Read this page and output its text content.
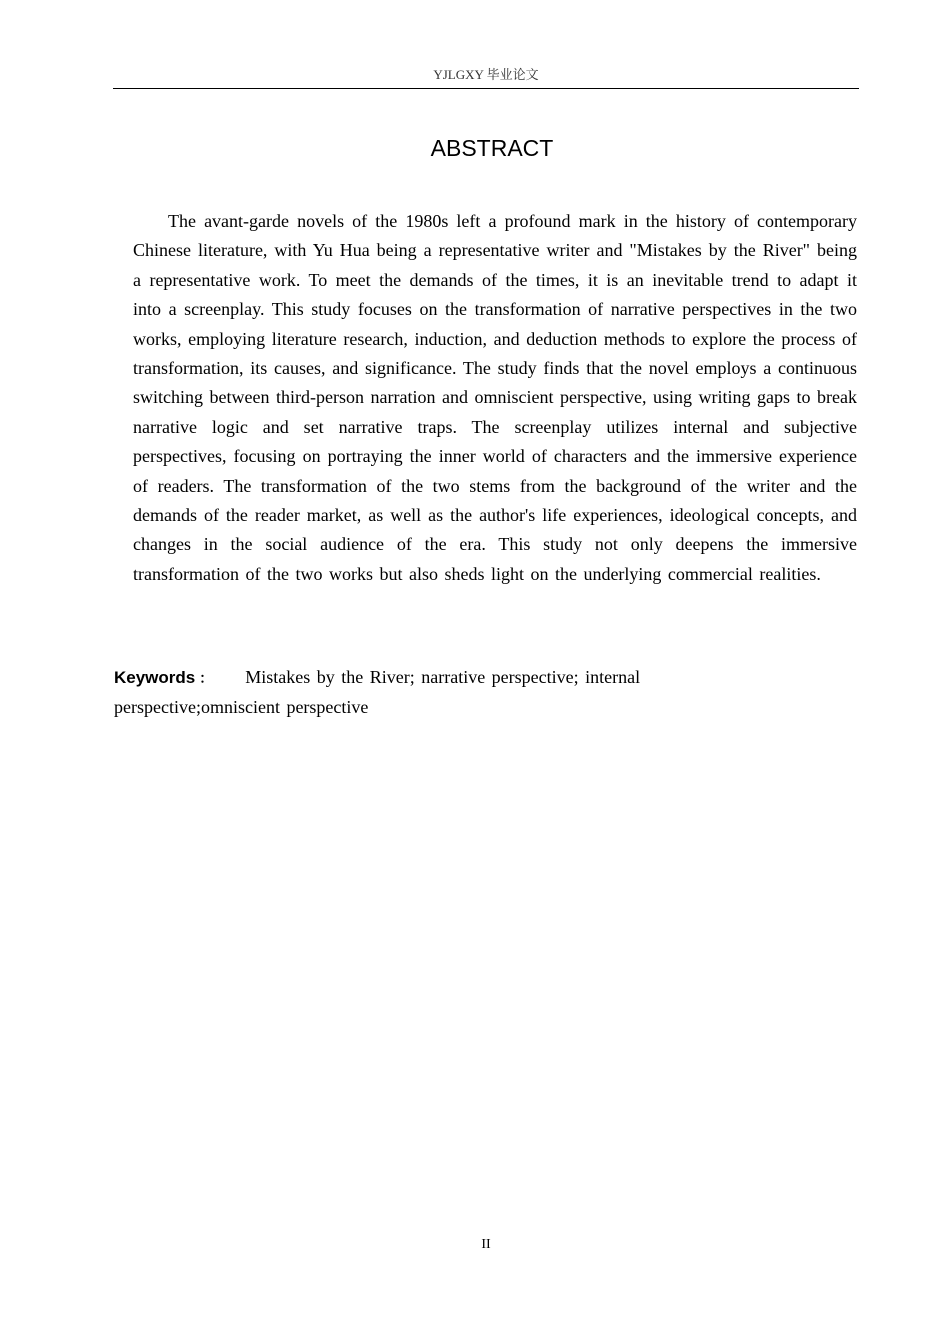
YJLGXY 毕业论文
ABSTRACT

The avant-garde novels of the 1980s left a profound mark in the history of contemporary Chinese literature, with Yu Hua being a representative writer and "Mistakes by the River" being a representative work. To meet the demands of the times, it is an inevitable trend to adapt it into a screenplay. This study focuses on the transformation of narrative perspectives in the two works, employing literature research, induction, and deduction methods to explore the process of transformation, its causes, and significance. The study finds that the novel employs a continuous switching between third-person narration and omniscient perspective, using writing gaps to break narrative logic and set narrative traps. The screenplay utilizes internal and subjective perspectives, focusing on portraying the inner world of characters and the immersive experience of readers. The transformation of the two stems from the background of the writer and the demands of the reader market, as well as the author's life experiences, ideological concepts, and changes in the social audience of the era. This study not only deepens the immersive transformation of the two works but also sheds light on the underlying commercial realities.

Keywords ： Mistakes by the River; narrative perspective; internal perspective;omniscient perspective

II
